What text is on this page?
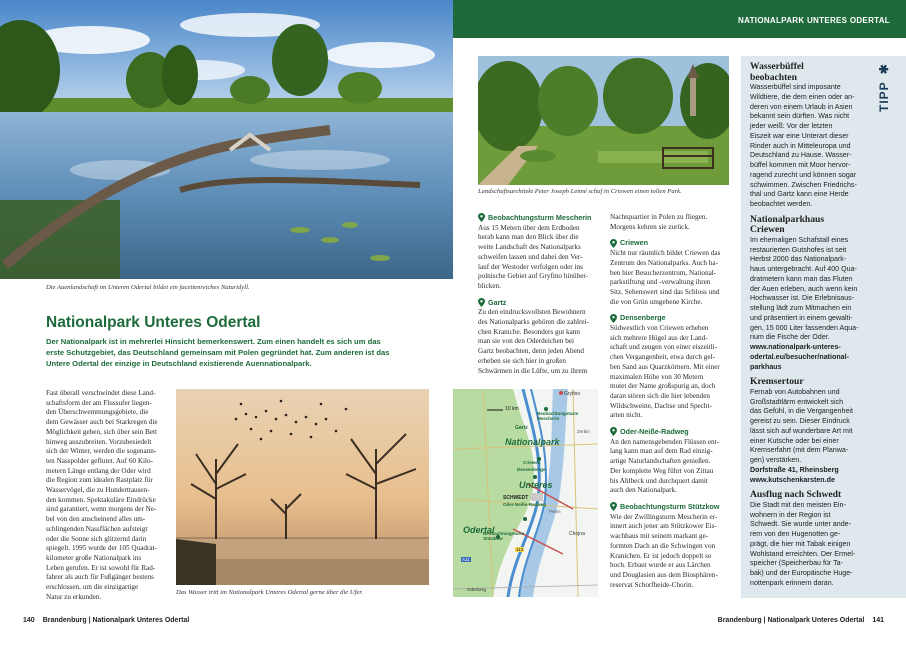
Die Auenlandschaft im Unteren Odertal bildet ein facettenreiches Naturidyll.
Nationalpark Unteres Odertal
Der Nationalpark ist in mehrerlei Hinsicht bemerkenswert. Zum einen handelt es sich um das
erste Schutzgebiet, das Deutschland gemeinsam mit Polen gegründet hat. Zum anderen ist das
Untere Odertal der einzige in Deutschland existierende Auennationalpark.
Fast überall verschwindet diese Land-
schaftsform der am Flussufer liegen-
den Überschwemmungsgebiete, die
dem Gewässer auch bei Starkregen die
Möglichkeit geben, sich über sein Bett
hinweg auszubreiten. Vorzubesiedelt
sich der Winter, werden die sogenann-
ten Nasspolder geflutet. Auf 60 Kilo-
metern Länge entlang der Oder wird
die Region zum idealen Rastplatz für
Wasservögel, die zu Hunderttausen-
den kommen. Spektakuläre Eindrücke
sind garantiert, wenn morgens der Ne-
bel von den anscheinend alles um-
schlingenden Nassflächen aufsteigt
oder die Sonne sich glitzernd darin
spiegelt. 1995 wurde der 105 Quadrat-
kilometer große Nationalpark ins
Leben gerufen. Er ist sowohl für Rad-
fahrer als auch für Fußgänger bestens
erschlossen, um die einzigartige
Natur zu erkunden.
Das Wasser tritt im Nationalpark Unteres Odertal gerne über die Ufer.
140 Brandenburg | Nationalpark Unteres Odertal
NATIONALPARK UNTERES ODERTAL
Landschaftsarchitekt Peter Joseph Lenné schuf in Criewen einen tollen Park.
Beobachtungsturm Mescherin
Aus 15 Metern über dem Erdboden
herab kann man den Blick über die
weite Landschaft des Nationalparks
schweifen lassen und dabei den Ver-
lauf der Westoder verfolgen oder ins
polnische Gebiet auf Gryfino hinüber-
blicken.
Gartz
Zu den eindrucksvollsten Bewohnern
des Nationalparks gehören die zahlrei-
chen Kraniche. Besonders gut kann
man sie von den Oderdeichen bei
Gartz beobachten, denn jeden Abend
erheben sie sich hier in großen
Schwärmen in die Lüfte, um zu ihrem
Gryfino
10 km
Beobachtungsturm Mescherin
Zerbin
Gartz
Nationalpark
Criewen
Densenberge
Unteres
SCHWEDT
Pelen
Oder-Neiße-Radweg
Odertal
Beobachtungsturm Stützkow
Chojna
A11
113
Oderberg
Nachtquartier in Polen zu fliegen.
Morgens kehren sie zurück.
Criewen
Nicht nur räumlich bildet Criewen das
Zentrum des Nationalparks. Auch ha-
ben hier Besucherzentrum, National-
parkstiftung und -verwaltung ihren
Sitz. Sehenswert sind das Schloss und
die von Grün umgebene Kirche.
Densenberge
Südwestlich von Criewen erheben
sich mehrere Hügel aus der Land-
schaft und zeugen von einer eiszeitli-
chen Vergangenheit, etwa durch gel-
ben Sand aus Quarzkörnern. Mit einer
maximalen Höhe von 30 Metern
mutet der Name großspurig an, doch
daran stören sich die hier lebenden
Wildschweine, Dachse und Specht-
arten nicht.
Oder-Neiße-Radweg
An den namensgebenden Flüssen ent-
lang kann man auf dem Rad einzig-
artige Naturlandschaften genießen.
Der komplette Weg führt von Zittau
bis Ahlbeck und durchquert damit
auch den Nationalpark.
Beobachtungsturm Stützkow
Wie der Zwillingsturm Mescherin er-
innert auch jener am Stützkower Eis-
wachhaus mit seinem markant ge-
formten Dach an die Schwingen von
Kranichen. Er ist jedoch doppelt so
hoch. Erbaut wurde er aus Lärchen
und Douglasien aus dem Biosphären-
reservat Schorfheide-Chorin.
TIPP ✱
Wasserbüffel
beobachten
Wasserbüffel sind imposante
Wildtiere, die dem einen oder an-
deren von einem Urlaub in Asien
bekannt sein dürften. Was nicht
jeder weiß: Vor der letzten
Eiszeit war eine Unterart dieser
Rinder auch in Mitteleuropa und
Deutschland zu Hause. Wasser-
büffel kommen mit Moor hervor-
ragend zurecht und können sogar
schwimmen. Zwischen Friedrichs-
thal und Gartz kann eine Herde
beobachtet werden.
Nationalparkhaus
Criewen
Im ehemaligen Schafstall eines
restaurierten Gutshofes ist seit
Herbst 2000 das Nationalpark-
haus untergebracht. Auf 400 Qua-
dratmetern kann man das Fluten
der Auen erleben, auch wenn kein
Hochwasser ist. Die Erlebnisaus-
stellung lädt zum Mitmachen ein
und präsentiert in einem gewalti-
gen, 15 000 Liter fassenden Aqua-
rium die Fische der Oder.
www.nationalpark-unteres-
odertal.eu/besucher/national-
parkhaus
Kremsertour
Fernab von Autobahnen und
Großstadtlärm entwickelt sich
das Gefühl, in die Vergangenheit
gereist zu sein. Dieser Eindruck
lässt sich auf wunderbare Art mit
einer Kutsche oder bei einer
Kremserfahrt (mit dem Planwa-
gen) verstärken.
Dorfstraße 41, Rheinsberg
www.kutschenkarsten.de
Ausflug nach Schwedt
Die Stadt mit den meisten Ein-
wohnern in der Region ist
Schwedt. Sie wurde unter ande-
rem von den Hugenotten ge-
prägt, die hier mit Tabak einigen
Wohlstand erreichten. Der Ermel-
speicher (Speicherbau für Ta-
bak) und der Europäische Huge-
nottenpark erinnern daran.
Brandenburg | Nationalpark Unteres Odertal 141
